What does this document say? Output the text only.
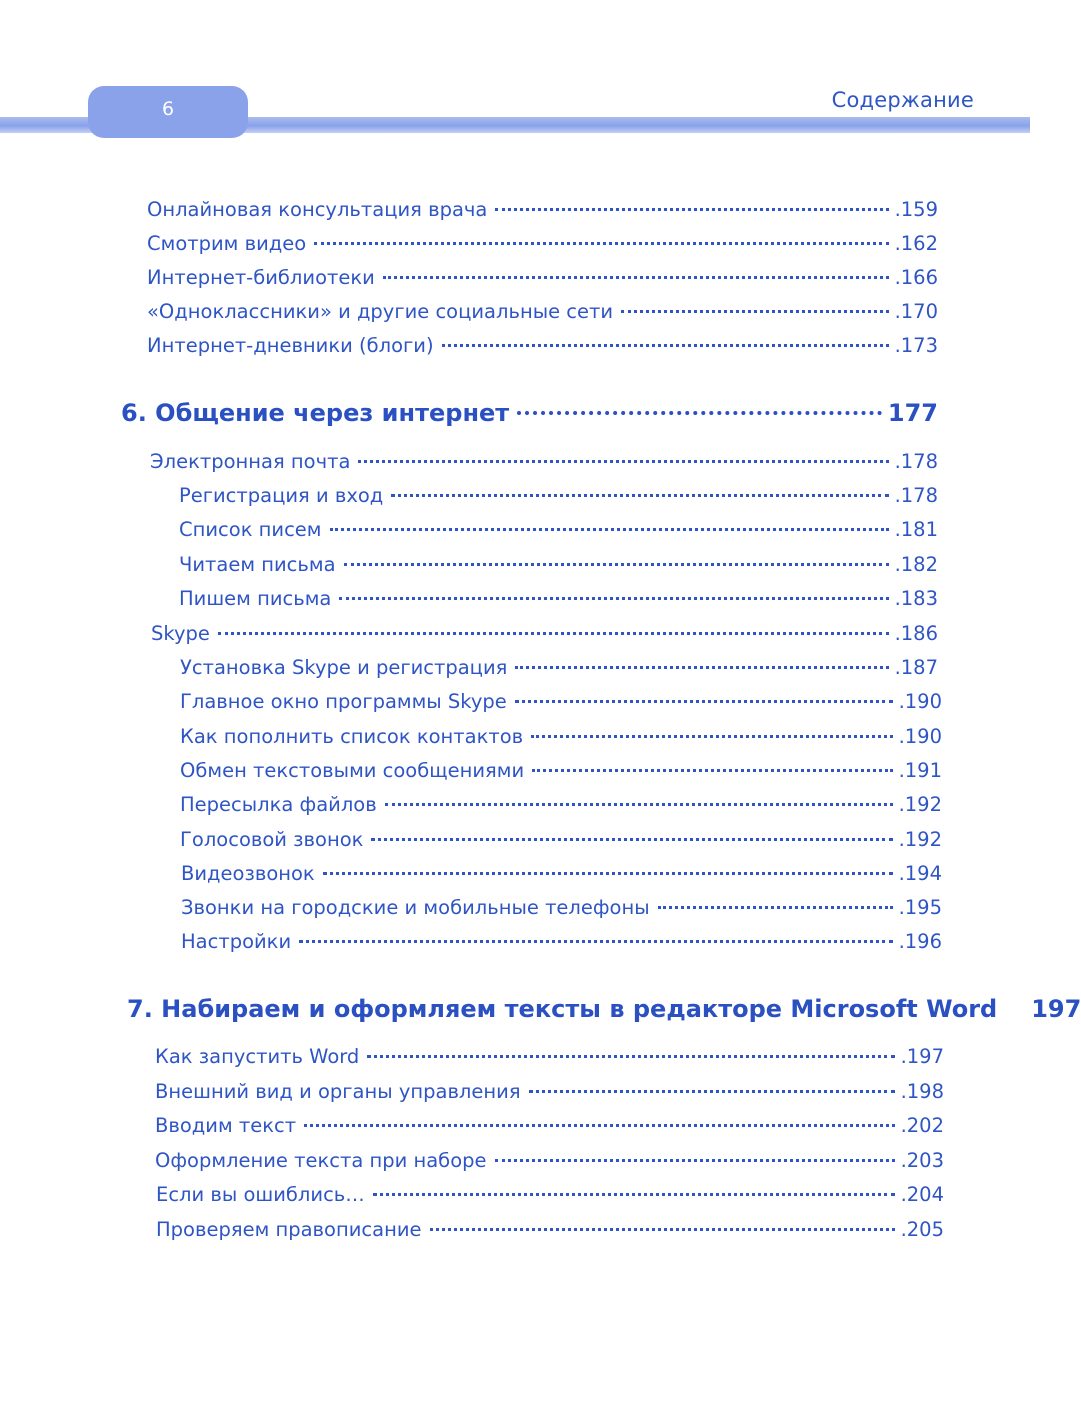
6	Содержание
Онлайновая консультация врача	.159
Смотрим видео	.162
Интернет-библиотеки	.166
«Одноклассники» и другие социальные сети	.170
Интернет-дневники (блоги)	.173
6. Общение через интернет	177
Электронная почта	.178
Регистрация и вход	.178
Список писем	.181
Читаем письма	.182
Пишем письма	.183
Skype	.186
Установка Skype и регистрация	.187
Главное окно программы Skype	.190
Как пополнить список контактов	.190
Обмен текстовыми сообщениями	.191
Пересылка файлов	.192
Голосовой звонок	.192
Видеозвонок	.194
Звонки на городские и мобильные телефоны	.195
Настройки	.196
7. Набираем и оформляем тексты в редакторе Microsoft Word 197
Как запустить Word	.197
Внешний вид и органы управления	.198
Вводим текст	.202
Оформление текста при наборе	.203
Если вы ошиблись…	.204
Проверяем правописание	.205
